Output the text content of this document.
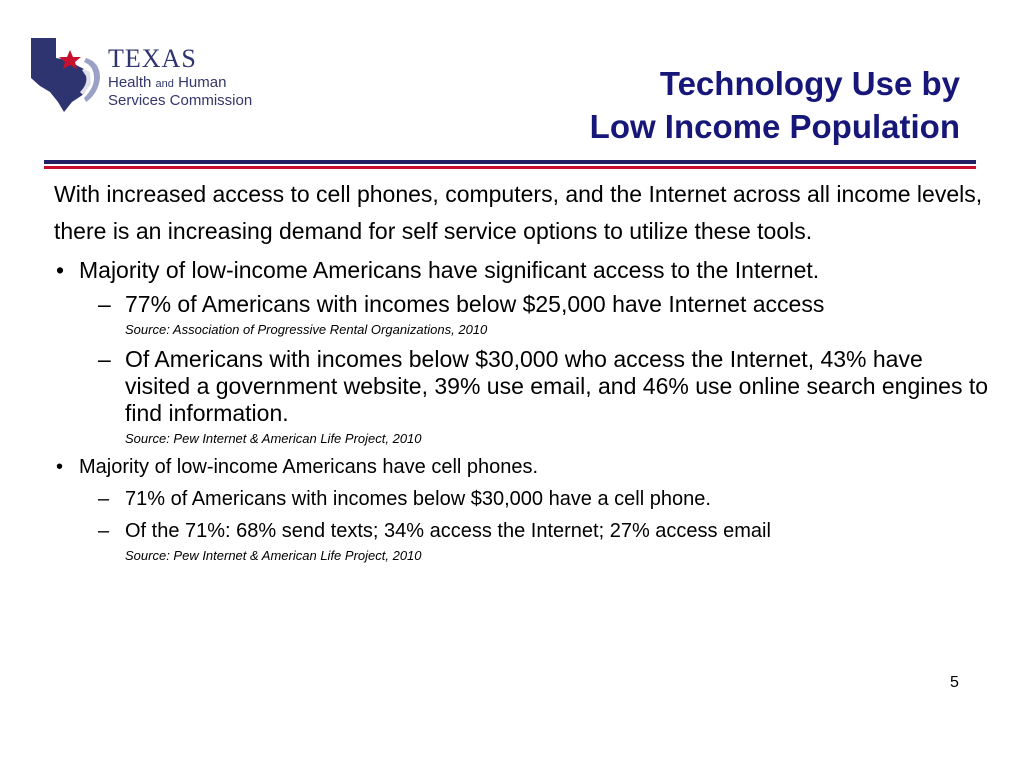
TEXAS
Health and Human
Services Commission	Technology Use by
Low Income Population
With increased access to cell phones, computers, and the Internet across all income levels, there is an increasing demand for self service options to utilize these tools.
• Majority of low-income Americans have significant access to the Internet.
– 77% of Americans with incomes below $25,000 have Internet access
Source: Association of Progressive Rental Organizations, 2010
– Of Americans with incomes below $30,000 who access the Internet, 43% have visited a government website, 39% use email, and 46% use online search engines to find information.
Source: Pew Internet & American Life Project, 2010
• Majority of low-income Americans have cell phones.
– 71% of Americans with incomes below $30,000 have a cell phone.
– Of the 71%: 68% send texts; 34% access the Internet; 27% access email
Source: Pew Internet & American Life Project, 2010
5
